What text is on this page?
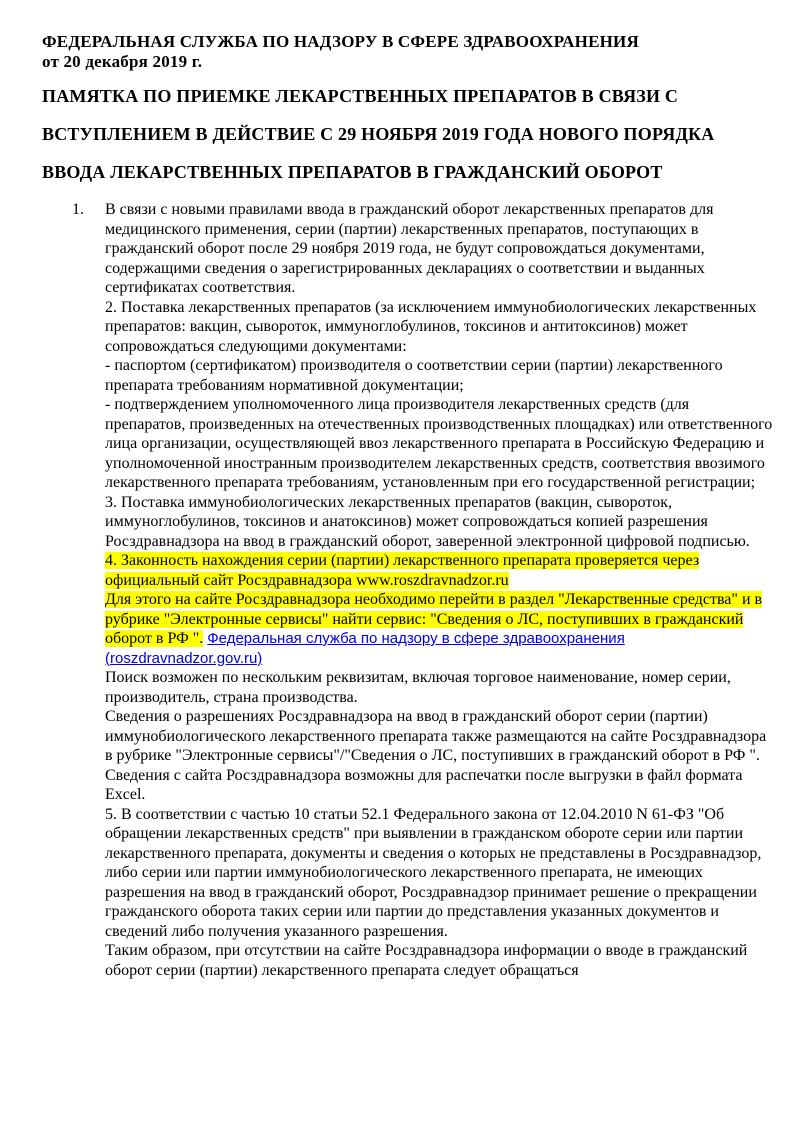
ФЕДЕРАЛЬНАЯ СЛУЖБА ПО НАДЗОРУ В СФЕРЕ ЗДРАВООХРАНЕНИЯ
от 20 декабря 2019 г.
ПАМЯТКА ПО ПРИЕМКЕ ЛЕКАРСТВЕННЫХ ПРЕПАРАТОВ В СВЯЗИ С
ВСТУПЛЕНИЕМ В ДЕЙСТВИЕ С 29 НОЯБРЯ 2019 ГОДА НОВОГО ПОРЯДКА
ВВОДА ЛЕКАРСТВЕННЫХ ПРЕПАРАТОВ В ГРАЖДАНСКИЙ ОБОРОТ
1. В связи с новыми правилами ввода в гражданский оборот лекарственных препаратов для медицинского применения, серии (партии) лекарственных препаратов, поступающих в гражданский оборот после 29 ноября 2019 года, не будут сопровождаться документами, содержащими сведения о зарегистрированных декларациях о соответствии и выданных сертификатах соответствия.
2. Поставка лекарственных препаратов (за исключением иммунобиологических лекарственных препаратов: вакцин, сывороток, иммуноглобулинов, токсинов и антитоксинов) может сопровождаться следующими документами:
- паспортом (сертификатом) производителя о соответствии серии (партии) лекарственного препарата требованиям нормативной документации;
- подтверждением уполномоченного лица производителя лекарственных средств (для препаратов, произведенных на отечественных производственных площадках) или ответственного лица организации, осуществляющей ввоз лекарственного препарата в Российскую Федерацию и уполномоченной иностранным производителем лекарственных средств, соответствия ввозимого лекарственного препарата требованиям, установленным при его государственной регистрации;
3. Поставка иммунобиологических лекарственных препаратов (вакцин, сывороток, иммуноглобулинов, токсинов и анатоксинов) может сопровождаться копией разрешения Росздравнадзора на ввод в гражданский оборот, заверенной электронной цифровой подписью.
4. Законность нахождения серии (партии) лекарственного препарата проверяется через официальный сайт Росздравнадзора www.roszdravnadzor.ru
Для этого на сайте Росздравнадзора необходимо перейти в раздел "Лекарственные средства" и в рубрике "Электронные сервисы" найти сервис: "Сведения о ЛС, поступивших в гражданский оборот в РФ ". Федеральная служба по надзору в сфере здравоохранения (roszdravnadzor.gov.ru)
Поиск возможен по нескольким реквизитам, включая торговое наименование, номер серии, производитель, страна производства.
Сведения о разрешениях Росздравнадзора на ввод в гражданский оборот серии (партии) иммунобиологического лекарственного препарата также размещаются на сайте Росздравнадзора в рубрике "Электронные сервисы"/"Сведения о ЛС, поступивших в гражданский оборот в РФ ".
Сведения с сайта Росздравнадзора возможны для распечатки после выгрузки в файл формата Excel.
5. В соответствии с частью 10 статьи 52.1 Федерального закона от 12.04.2010 N 61-ФЗ "Об обращении лекарственных средств" при выявлении в гражданском обороте серии или партии лекарственного препарата, документы и сведения о которых не представлены в Росздравнадзор, либо серии или партии иммунобиологического лекарственного препарата, не имеющих разрешения на ввод в гражданский оборот, Росздравнадзор принимает решение о прекращении гражданского оборота таких серии или партии до представления указанных документов и сведений либо получения указанного разрешения.
Таким образом, при отсутствии на сайте Росздравнадзора информации о вводе в гражданский оборот серии (партии) лекарственного препарата следует обращаться
